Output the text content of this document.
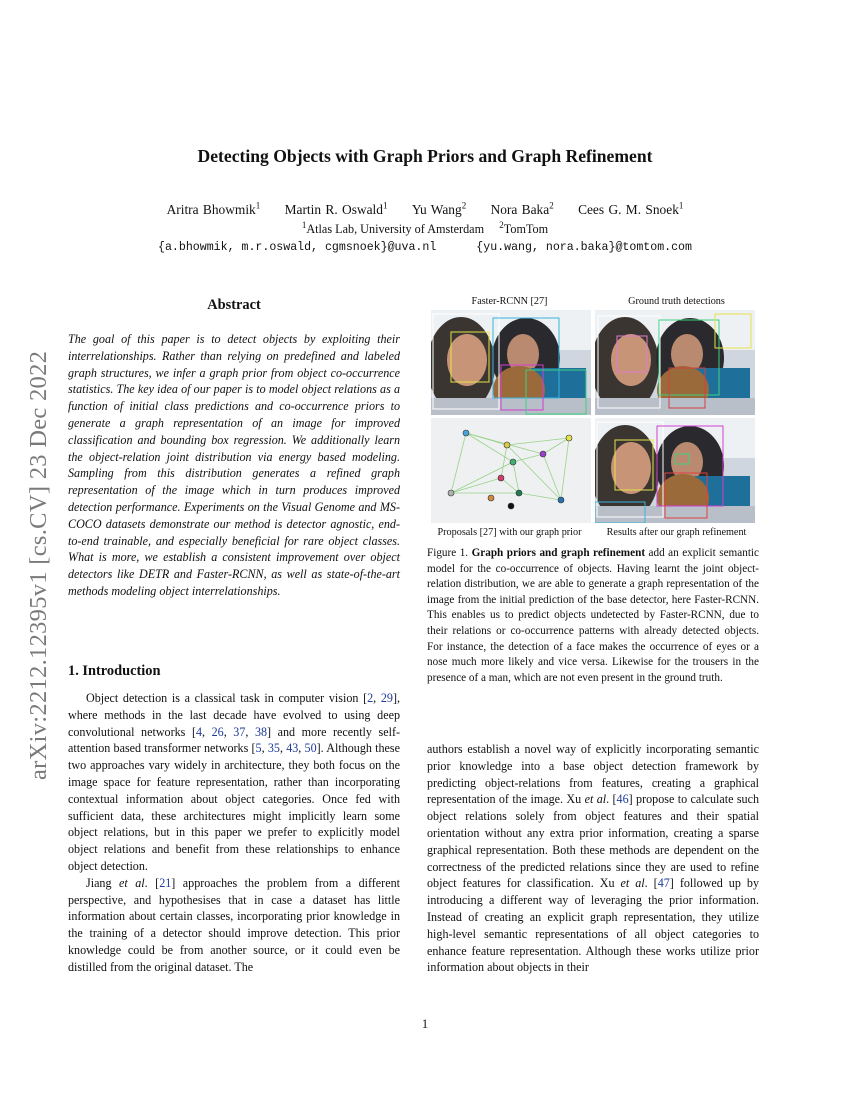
arXiv:2212.12395v1 [cs.CV] 23 Dec 2022
Detecting Objects with Graph Priors and Graph Refinement
Aritra Bhowmik$^1$ Martin R. Oswald$^1$ Yu Wang$^2$ Nora Baka$^2$ Cees G. M. Snoek$^1$
$^1$Atlas Lab, University of Amsterdam $^2$TomTom
{a.bhowmik, m.r.oswald, cgmsnoek}@uva.nl	{yu.wang, nora.baka}@tomtom.com
Abstract
The goal of this paper is to detect objects by exploiting their interrelationships. Rather than relying on predefined and labeled graph structures, we infer a graph prior from object co-occurrence statistics. The key idea of our paper is to model object relations as a function of initial class predictions and co-occurrence priors to generate a graph representation of an image for improved classification and bounding box regression. We additionally learn the object-relation joint distribution via energy based modeling. Sampling from this distribution generates a refined graph representation of the image which in turn produces improved detection performance. Experiments on the Visual Genome and MS-COCO datasets demonstrate our method is detector agnostic, end-to-end trainable, and especially beneficial for rare object classes. What is more, we establish a consistent improvement over object detectors like DETR and Faster-RCNN, as well as state-of-the-art methods modeling object interrelationships.
Faster-RCNN [27]	Ground truth detections
Proposals [27] with our graph prior	Results after our graph refinement
Figure 1. Graph priors and graph refinement add an explicit semantic model for the co-occurrence of objects. Having learnt the joint object-relation distribution, we are able to generate a graph representation of the image from the initial prediction of the base detector, here Faster-RCNN. This enables us to predict objects undetected by Faster-RCNN, due to their relations or co-occurrence patterns with already detected objects. For instance, the detection of a face makes the occurrence of eyes or a nose much more likely and vice versa. Likewise for the trousers in the presence of a man, which are not even present in the ground truth.
1. Introduction

Object detection is a classical task in computer vision [2, 29], where methods in the last decade have evolved to using deep convolutional networks [4, 26, 37, 38] and more recently self-attention based transformer networks [5, 35, 43, 50]. Although these two approaches vary widely in architecture, they both focus on the image space for feature representation, rather than incorporating contextual information about object categories. Once fed with sufficient data, these architectures might implicitly learn some object relations, but in this paper we prefer to explicitly model object relations and benefit from these relationships to enhance object detection.

Jiang et al. [21] approaches the problem from a different perspective, and hypothesises that in case a dataset has little information about certain classes, incorporating prior knowledge in the training of a detector should improve detection. This prior knowledge could be from another source, or it could even be distilled from the original dataset. The

authors establish a novel way of explicitly incorporating semantic prior knowledge into a base object detection framework by predicting object-relations from features, creating a graphical representation of the image. Xu et al. [46] propose to calculate such object relations solely from object features and their spatial orientation without any extra prior information, creating a sparse graphical representation. Both these methods are dependent on the correctness of the predicted relations since they are used to refine object features for classification. Xu et al. [47] followed up by introducing a different way of leveraging the prior information. Instead of creating an explicit graph representation, they utilize high-level semantic representations of all object categories to enhance feature representation. Although these works utilize prior information about objects in their

1
